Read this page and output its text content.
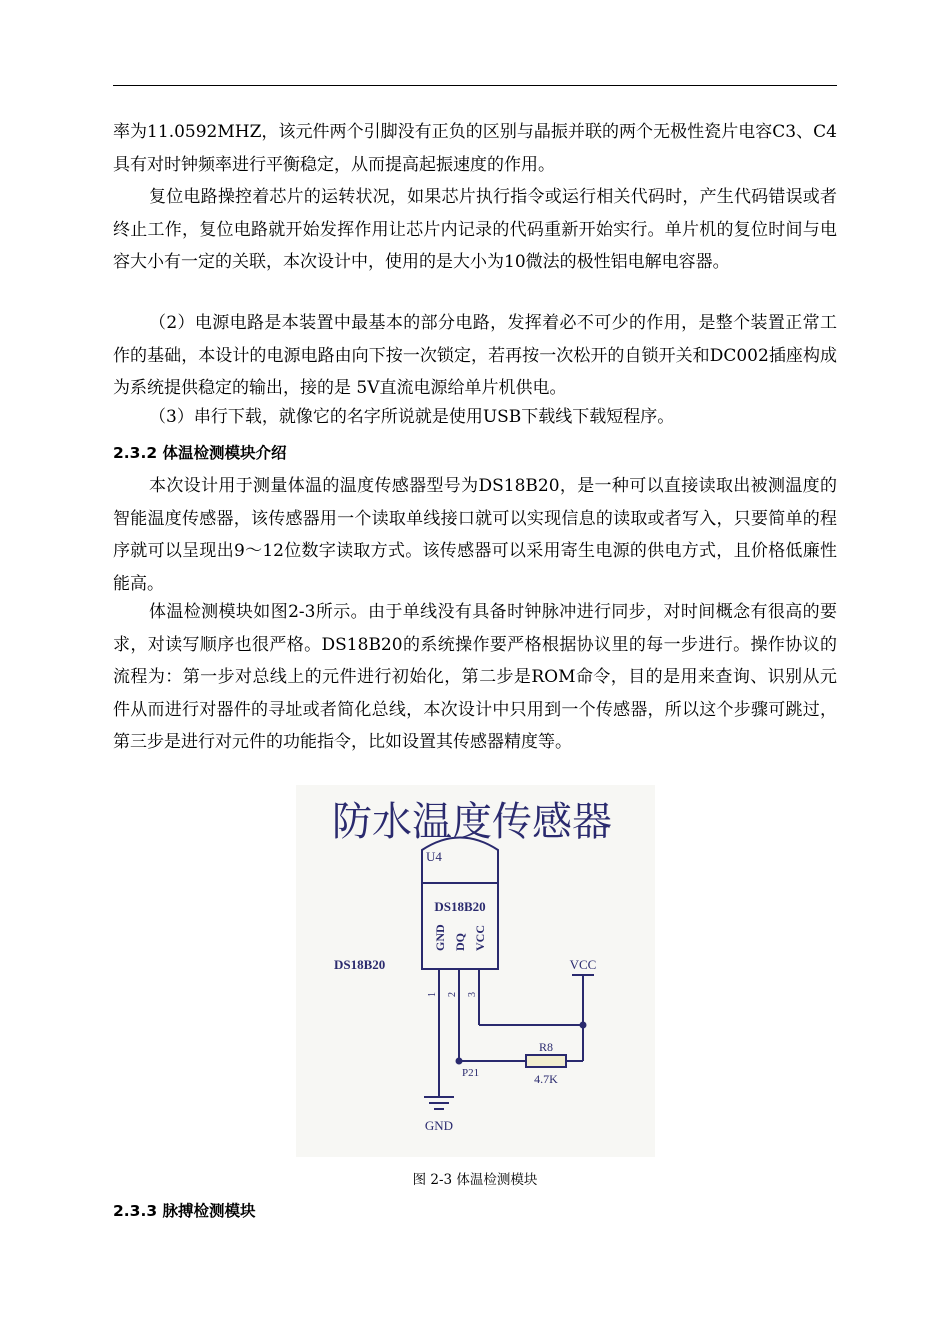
率为11.0592MHZ，该元件两个引脚没有正负的区别与晶振并联的两个无极性瓷片电容C3、C4具有对时钟频率进行平衡稳定，从而提高起振速度的作用。

复位电路操控着芯片的运转状况，如果芯片执行指令或运行相关代码时，产生代码错误或者终止工作，复位电路就开始发挥作用让芯片内记录的代码重新开始实行。单片机的复位时间与电容大小有一定的关联，本次设计中，使用的是大小为10微法的极性铝电解电容器。

（2）电源电路是本装置中最基本的部分电路，发挥着必不可少的作用，是整个装置正常工作的基础，本设计的电源电路由向下按一次锁定，若再按一次松开的自锁开关和DC002插座构成为系统提供稳定的输出，接的是 5V直流电源给单片机供电。

（3）串行下载，就像它的名字所说就是使用USB下载线下载短程序。

2.3.2 体温检测模块介绍

本次设计用于测量体温的温度传感器型号为DS18B20，是一种可以直接读取出被测温度的智能温度传感器，该传感器用一个读取单线接口就可以实现信息的读取或者写入，只要简单的程序就可以呈现出9～12位数字读取方式。该传感器可以采用寄生电源的供电方式，且价格低廉性能高。

体温检测模块如图2-3所示。由于单线没有具备时钟脉冲进行同步，对时间概念有很高的要求，对读写顺序也很严格。DS18B20的系统操作要严格根据协议里的每一步进行。操作协议的流程为：第一步对总线上的元件进行初始化，第二步是ROM命令，目的是用来查询、识别从元件从而进行对器件的寻址或者简化总线，本次设计中只用到一个传感器，所以这个步骤可跳过，第三步是进行对元件的功能指令，比如设置其传感器精度等。

防水温度传感器
U4
DS18B20
GND DQ VCC
1 2 3
DS18B20	VCC
R8
4.7K
P21
GND
图 2-3 体温检测模块
2.3.3 脉搏检测模块
